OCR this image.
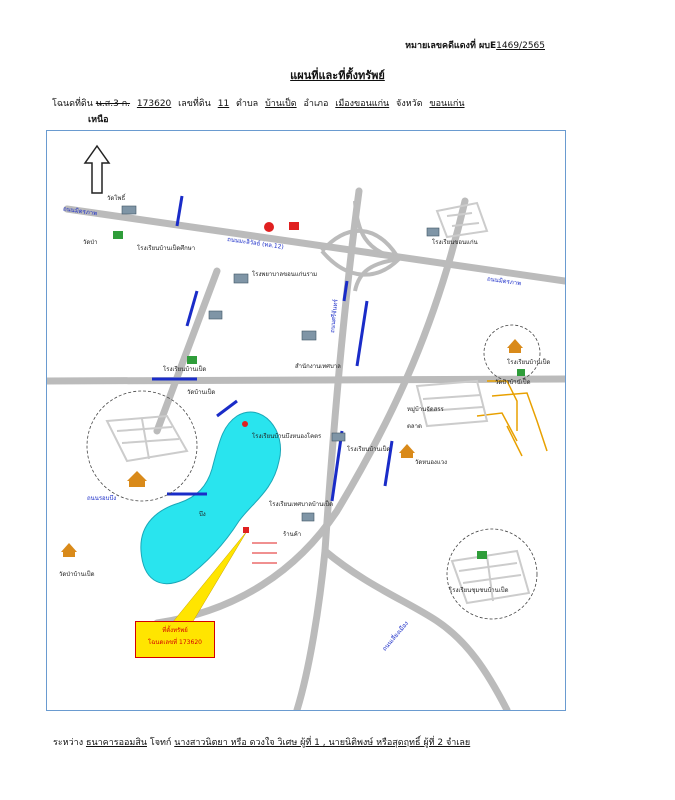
หมายเลขคดีแดงที่ ผบE1469/2565
แผนที่และที่ตั้งทรัพย์
โฉนดที่ดิน น.ส.3 ก. 173620 เลขที่ดิน 11 ตำบล บ้านเป็ด อำเภอ เมืองขอนแก่น จังหวัด ขอนแก่น
เหนือ
วัดโพธิ์
โรงเรียนขอนแก่น
วัดป่า
โรงเรียนบ้านเป็ดศึกษา
โรงพยาบาลขอนแก่นราม
โรงเรียนบ้านเป็ด
วัดบ้านเป็ด
สำนักงานเทศบาล
วัดหนองแวง
โรงเรียนบ้านบึงหนองโคตร
บึง
โรงเรียนบ้านเป็ด
วัดป่าบ้านเป็ด
โรงเรียนเทศบาลบ้านเป็ด
หมู่บ้านจัดสรร
โรงเรียนบ้านเป็ด
ตลาด
วัดป่าบ้านเป็ด
โรงเรียนชุมชนบ้านเป็ด
ร้านค้า
ถนนมิตรภาพ
ถนนมะลิวัลย์ (ทล.12)
ถนนมิตรภาพ
ถนนรอบบึง
ถนนเลี่ยงเมือง
ถนนศรีจันทร์
ที่ตั้งทรัพย์
โฉนดเลขที่ 173620
ระหว่าง ธนาคารออมสิน โจทก์ นางสาวนิตยา หรือ ดวงใจ วิเศษ ผู้ที่ 1 , นายนิติพงษ์ หรือสุดฤทธิ์ ผู้ที่ 2 จำเลย
